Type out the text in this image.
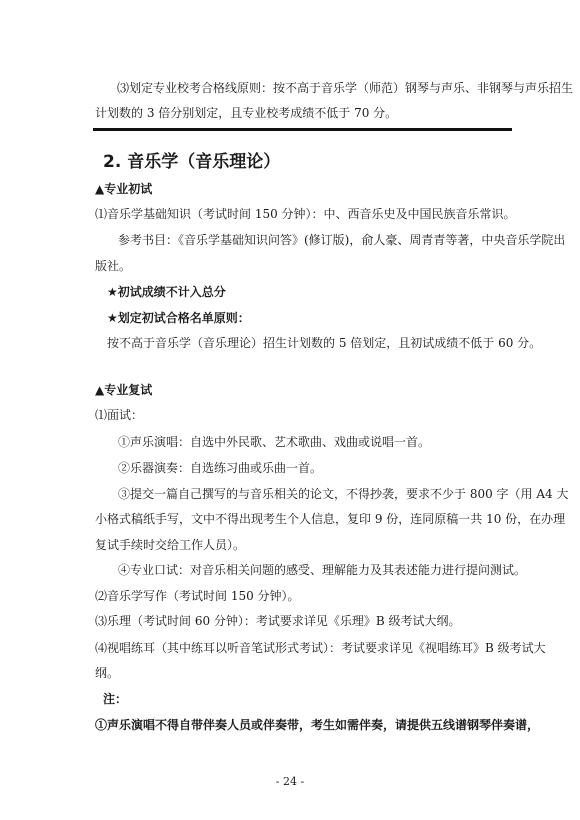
⑶划定专业校考合格线原则：按不高于音乐学（师范）钢琴与声乐、非钢琴与声乐招生

计划数的 3 倍分别划定，且专业校考成绩不低于 70 分。

2. 音乐学（音乐理论）

▲专业初试

⑴音乐学基础知识（考试时间 150 分钟）：中、西音乐史及中国民族音乐常识。

参考书目：《音乐学基础知识问答》(修订版)，俞人豪、周青青等著，中央音乐学院出

版社。

★初试成绩不计入总分

★划定初试合格名单原则：

按不高于音乐学（音乐理论）招生计划数的 5 倍划定，且初试成绩不低于 60 分。

▲专业复试

⑴面试：

①声乐演唱：自选中外民歌、艺术歌曲、戏曲或说唱一首。

②乐器演奏：自选练习曲或乐曲一首。

③提交一篇自己撰写的与音乐相关的论文，不得抄袭，要求不少于 800 字（用 A4 大

小格式稿纸手写，文中不得出现考生个人信息，复印 9 份，连同原稿一共 10 份，在办理

复试手续时交给工作人员）。

④专业口试：对音乐相关问题的感受、理解能力及其表述能力进行提问测试。

⑵音乐学写作（考试时间 150 分钟）。

⑶乐理（考试时间 60 分钟）：考试要求详见《乐理》B 级考试大纲。

⑷视唱练耳（其中练耳以听音笔试形式考试）：考试要求详见《视唱练耳》B 级考试大

纲。

注：

①声乐演唱不得自带伴奏人员或伴奏带，考生如需伴奏，请提供五线谱钢琴伴奏谱，

- 24 -
